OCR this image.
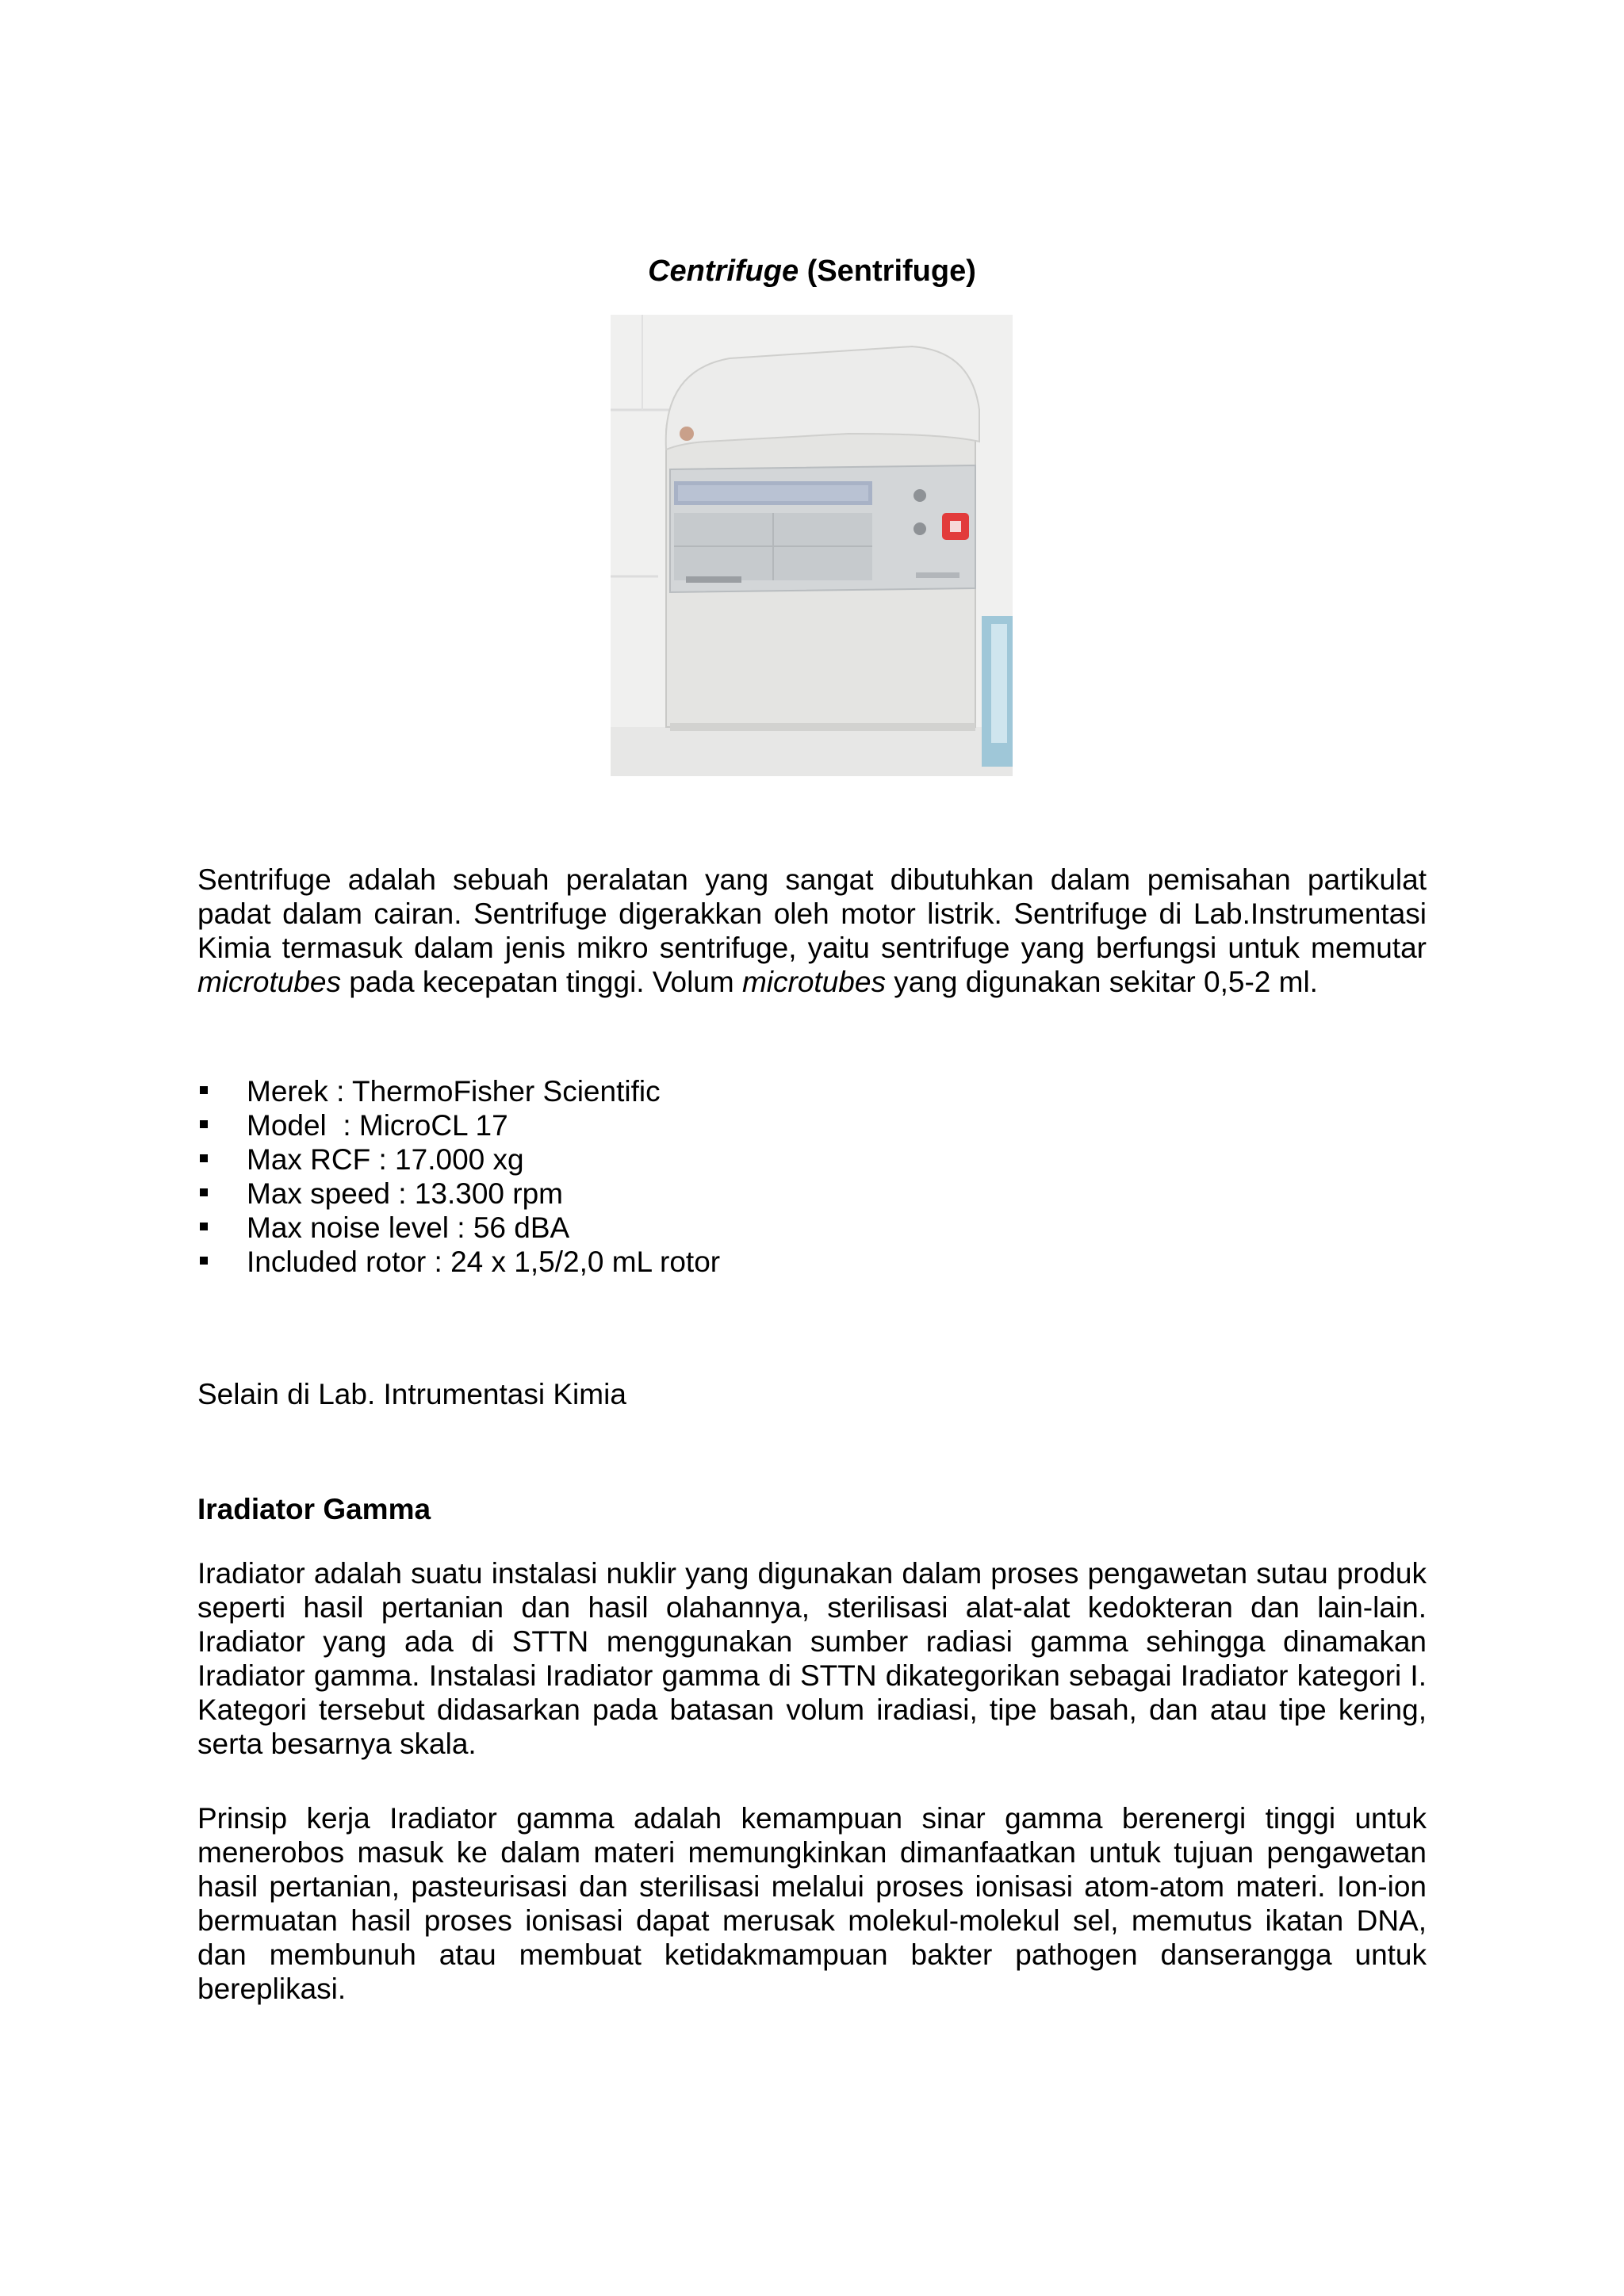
Centrifuge (Sentrifuge)

Sentrifuge adalah sebuah peralatan yang sangat dibutuhkan dalam pemisahan partikulat padat dalam cairan. Sentrifuge digerakkan oleh motor listrik. Sentrifuge di Lab.Instrumentasi Kimia termasuk dalam jenis mikro sentrifuge, yaitu sentrifuge yang berfungsi untuk memutar microtubes pada kecepatan tinggi. Volum microtubes yang digunakan sekitar 0,5-2 ml.

Merek : ThermoFisher Scientific
Model  : MicroCL 17
Max RCF : 17.000 xg
Max speed : 13.300 rpm
Max noise level : 56 dBA
Included rotor : 24 x 1,5/2,0 mL rotor

Selain di Lab. Intrumentasi Kimia

Iradiator Gamma

Iradiator adalah suatu instalasi nuklir yang digunakan dalam proses pengawetan sutau produk seperti hasil pertanian dan hasil olahannya, sterilisasi alat-alat kedokteran dan lain-lain. Iradiator yang ada di STTN menggunakan sumber radiasi gamma sehingga dinamakan Iradiator gamma. Instalasi Iradiator gamma di STTN dikategorikan sebagai Iradiator kategori I. Kategori tersebut didasarkan pada batasan volum iradiasi, tipe basah, dan atau tipe kering, serta besarnya skala.

Prinsip kerja Iradiator gamma adalah kemampuan sinar gamma berenergi tinggi untuk menerobos masuk ke dalam materi memungkinkan dimanfaatkan untuk tujuan pengawetan hasil pertanian, pasteurisasi dan sterilisasi melalui proses ionisasi atom-atom materi. Ion-ion bermuatan hasil proses ionisasi dapat merusak molekul-molekul sel, memutus ikatan DNA, dan membunuh atau membuat ketidakmampuan bakter pathogen danserangga untuk bereplikasi.
